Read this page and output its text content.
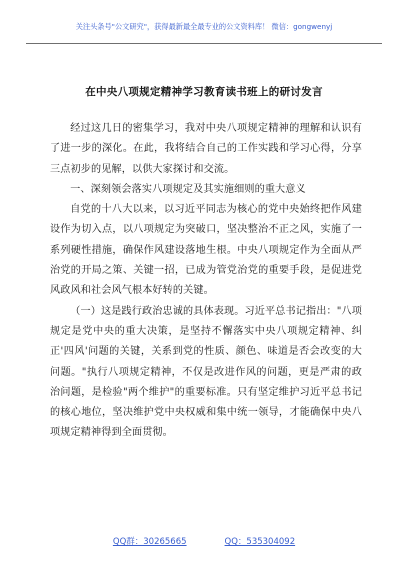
关注头条号"公文研究"，获得最新最全最专业的公文资料库！ 微信：gongwenyj
在中央八项规定精神学习教育读书班上的研讨发言

经过这几日的密集学习，我对中央八项规定精神的理解和认识有了进一步的深化。在此，我将结合自己的工作实践和学习心得，分享三点初步的见解，以供大家探讨和交流。

一、深刻领会落实八项规定及其实施细则的重大意义

自党的十八大以来，以习近平同志为核心的党中央始终把作风建设作为切入点，以八项规定为突破口，坚决整治不正之风，实施了一系列硬性措施，确保作风建设落地生根。中央八项规定作为全面从严治党的开局之策、关键一招，已成为管党治党的重要手段，是促进党风政风和社会风气根本好转的关键。

（一）这是践行政治忠诚的具体表现。习近平总书记指出："八项规定是党中央的重大决策，是坚持不懈落实中央八项规定精神、纠正'四风'问题的关键，关系到党的性质、颜色、味道是否会改变的大问题。"执行八项规定精神，不仅是改进作风的问题，更是严肃的政治问题，是检验"两个维护"的重要标准。只有坚定维护习近平总书记的核心地位，坚决维护党中央权威和集中统一领导，才能确保中央八项规定精神得到全面贯彻。

QQ群：30265665	QQ：535304092
